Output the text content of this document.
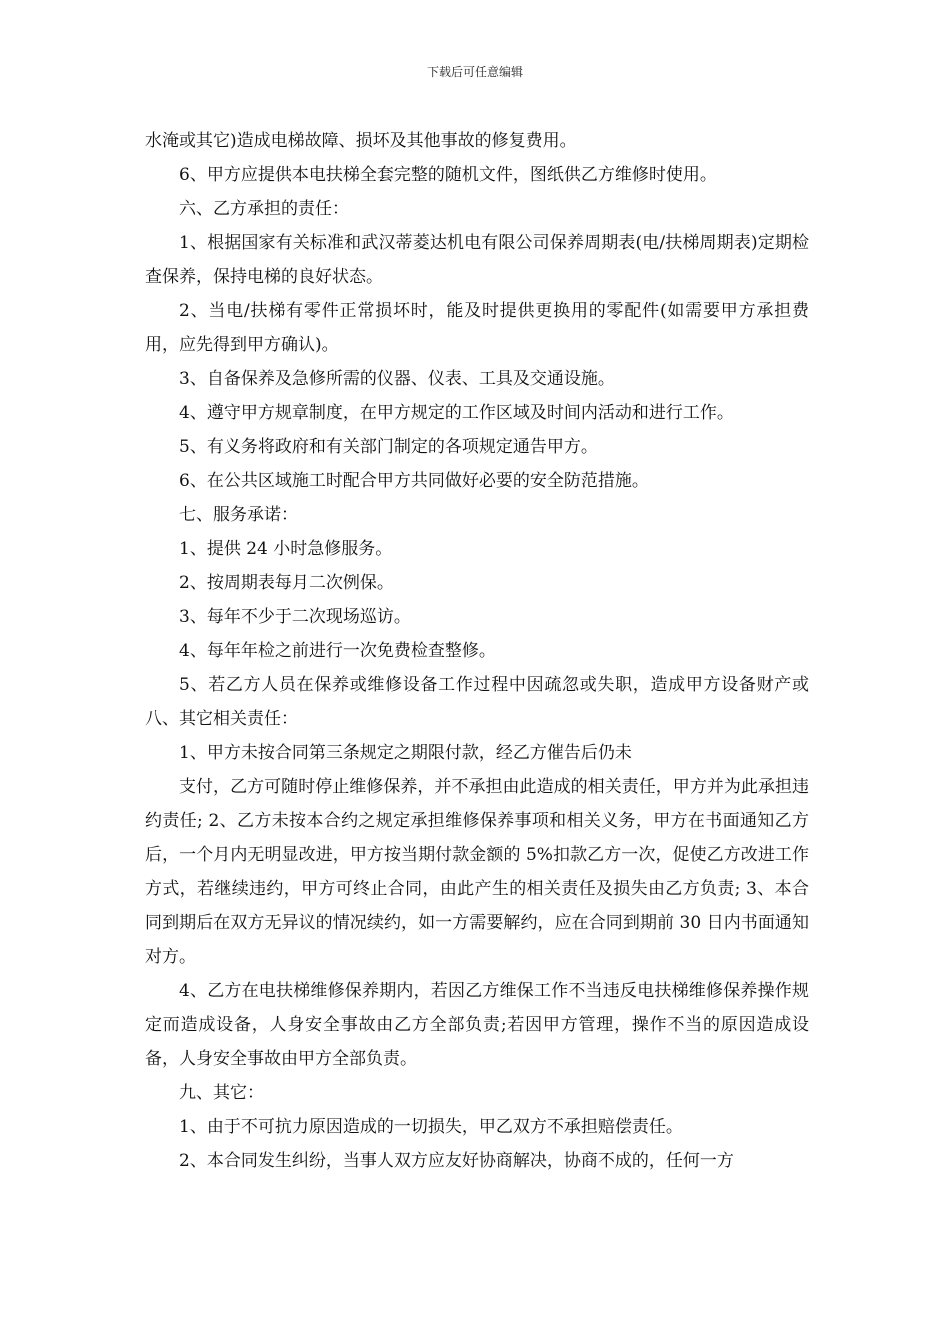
下载后可任意编辑

水淹或其它)造成电梯故障、损坏及其他事故的修复费用。

6、甲方应提供本电扶梯全套完整的随机文件，图纸供乙方维修时使用。

六、乙方承担的责任：

1、根据国家有关标准和武汉蒂菱达机电有限公司保养周期表(电/扶梯周期表)定期检查保养，保持电梯的良好状态。

2、当电/扶梯有零件正常损坏时，能及时提供更换用的零配件(如需要甲方承担费用，应先得到甲方确认)。

3、自备保养及急修所需的仪器、仪表、工具及交通设施。

4、遵守甲方规章制度，在甲方规定的工作区域及时间内活动和进行工作。

5、有义务将政府和有关部门制定的各项规定通告甲方。

6、在公共区域施工时配合甲方共同做好必要的安全防范措施。

七、服务承诺：

1、提供 24 小时急修服务。

2、按周期表每月二次例保。

3、每年不少于二次现场巡访。

4、每年年检之前进行一次免费检查整修。

5、若乙方人员在保养或维修设备工作过程中因疏忽或失职，造成甲方设备财产或 八、其它相关责任：

1、甲方未按合同第三条规定之期限付款，经乙方催告后仍未

支付，乙方可随时停止维修保养，并不承担由此造成的相关责任，甲方并为此承担违约责任; 2、乙方未按本合约之规定承担维修保养事项和相关义务，甲方在书面通知乙方后，一个月内无明显改进，甲方按当期付款金额的 5%扣款乙方一次，促使乙方改进工作方式，若继续违约，甲方可终止合同，由此产生的相关责任及损失由乙方负责; 3、本合同到期后在双方无异议的情况续约，如一方需要解约，应在合同到期前 30 日内书面通知对方。

4、乙方在电扶梯维修保养期内，若因乙方维保工作不当违反电扶梯维修保养操作规定而造成设备，人身安全事故由乙方全部负责;若因甲方管理，操作不当的原因造成设备，人身安全事故由甲方全部负责。

九、其它：

1、由于不可抗力原因造成的一切损失，甲乙双方不承担赔偿责任。

2、本合同发生纠纷，当事人双方应友好协商解决，协商不成的，任何一方
